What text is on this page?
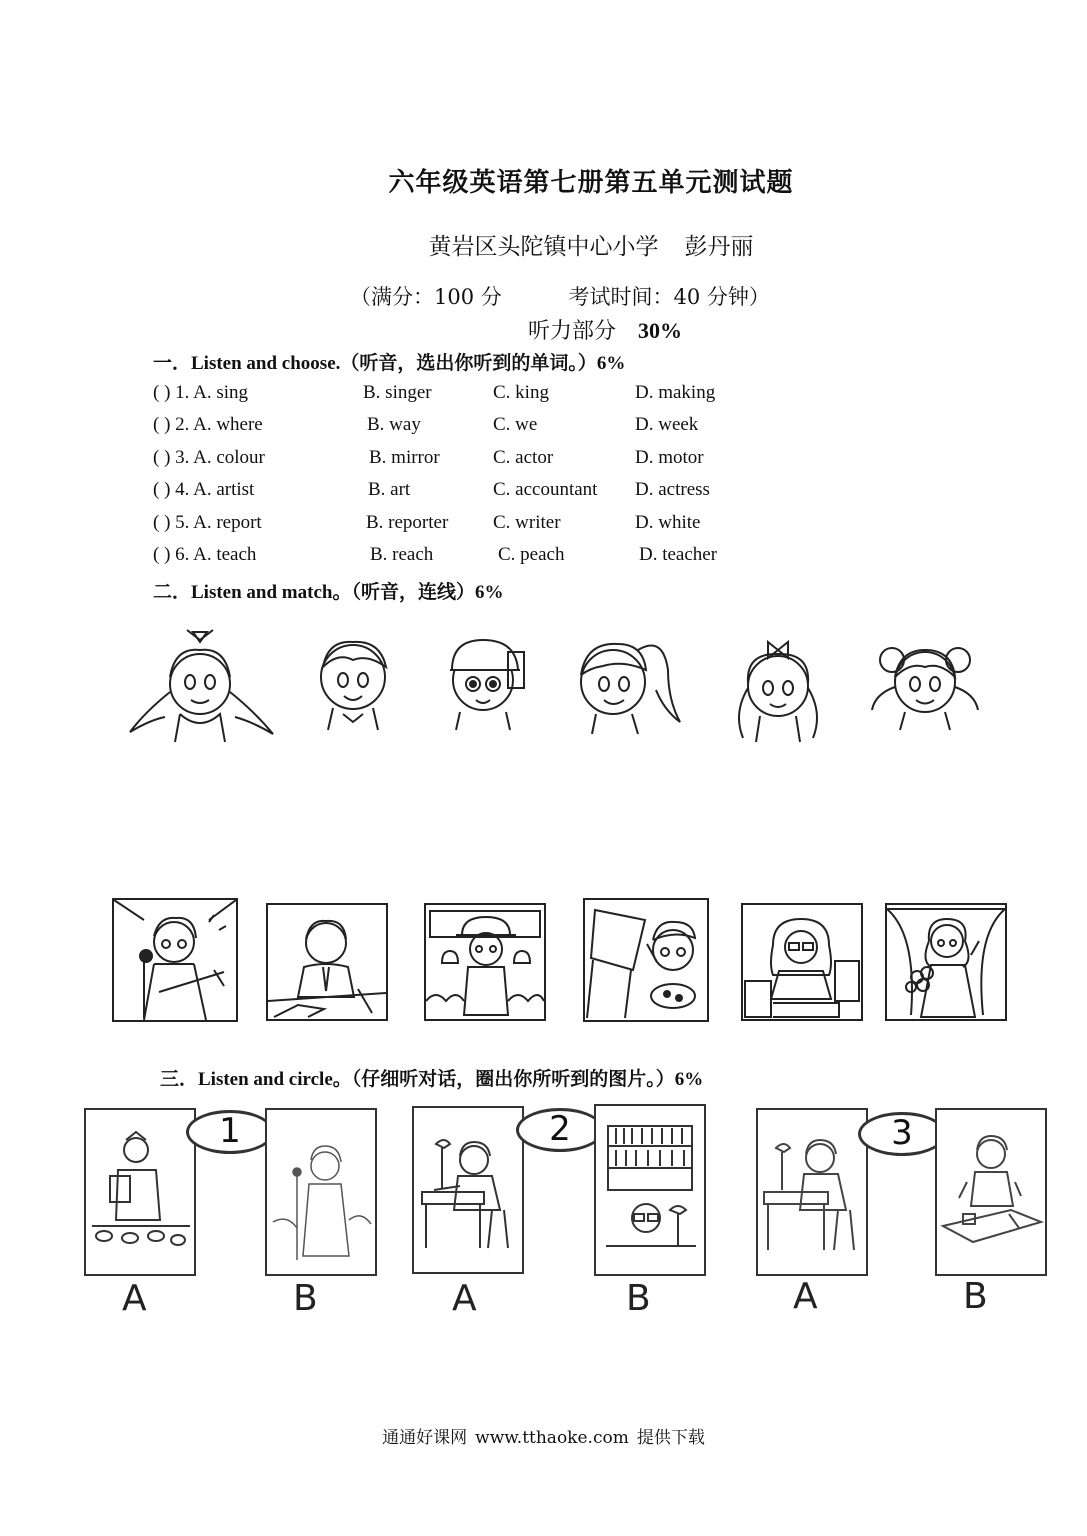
六年级英语第七册第五单元测试题
黄岩区头陀镇中心小学 彭丹丽
（满分：100 分	考试时间：40 分钟）
听力部分 30%
一．Listen and choose.（听音，选出你听到的单词。）6%
( ) 1. A. sing	B. singer	C. king	D. making
( ) 2. A. where	B. way	C. we	D. week
( ) 3. A. colour	B. mirror	C. actor	D. motor
( ) 4. A. artist	B. art	C. accountant D. actress
( ) 5. A. report	B. reporter C. writer	D. white
( ) 6. A. teach	B. reach	C. peach	D. teacher
二．Listen and match。（听音，连线）6%
三．Listen and circle。（仔细听对话，圈出你所听到的图片。）6%
1
A	B
2
A	B
3
A	B
通通好课网 www.tthaoke.com 提供下载
